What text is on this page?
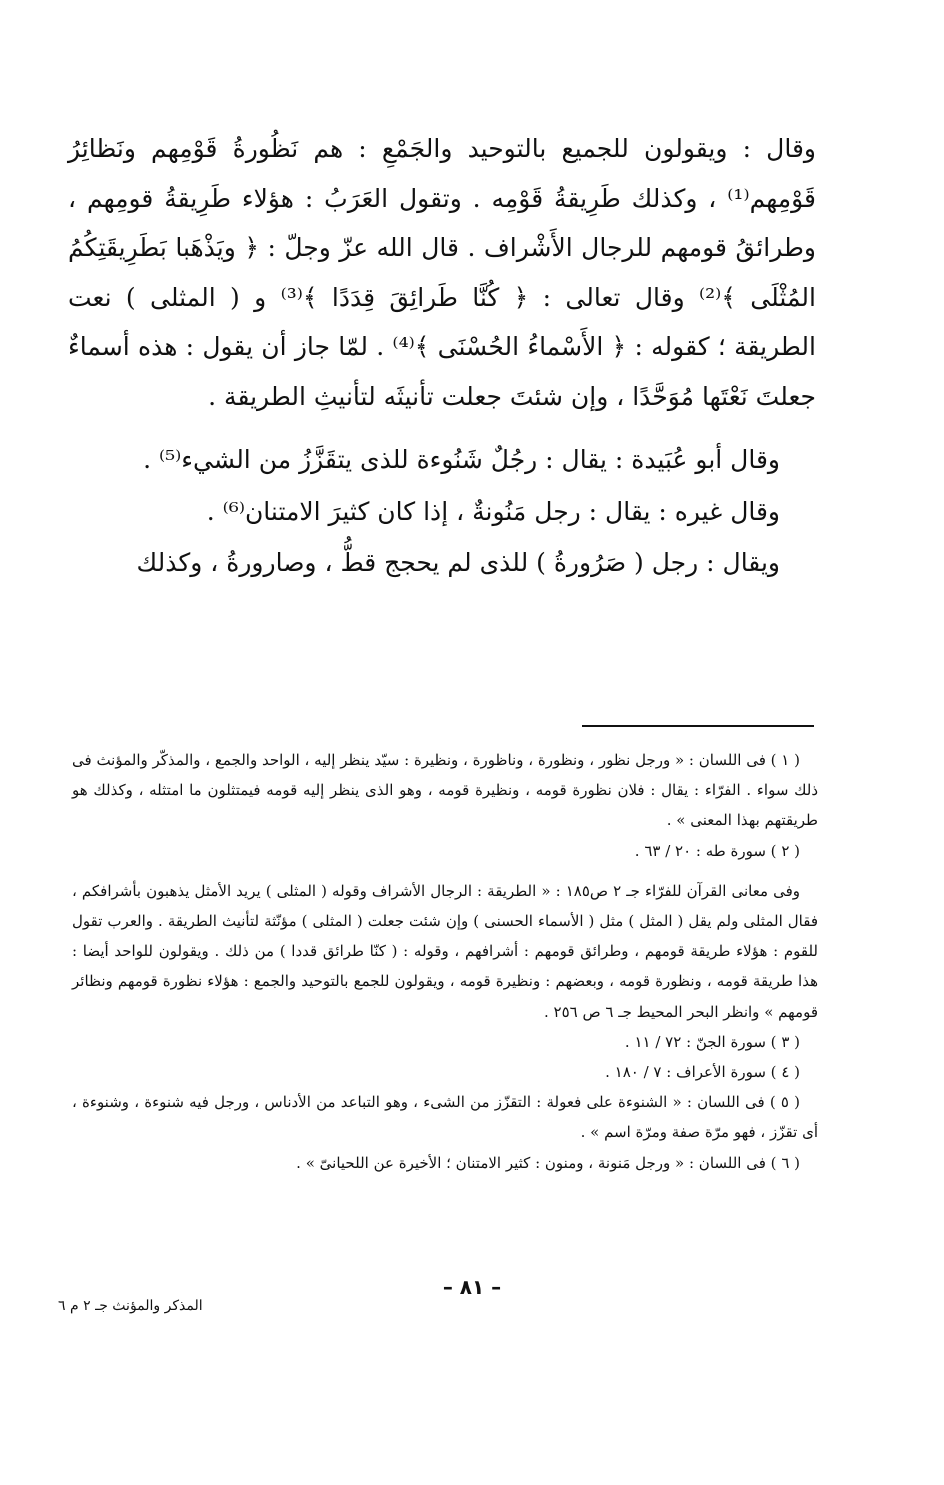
وقال : ويقولون للجميع بالتوحيد والجَمْعِ : هم نَظُورةُ قَوْمِهم ونَظائِرُ قَوْمِهم⁽¹⁾ ، وكذلك طَرِيقةُ قَوْمِه . وتقول العَرَبُ : هؤلاء طَرِيقةُ قومِهم ، وطرائقُ قومهم للرجال الأَشْراف . قال الله عزّ وجلّ : ﴿ ويَذْهَبا بَطَرِيقَتِكُمُ المُثْلَى ﴾⁽²⁾ وقال تعالى : ﴿ كُنَّا طَرائِقَ قِدَدًا ﴾⁽³⁾ و ( المثلى ) نعت الطريقة ؛ كقوله : ﴿ الأَسْماءُ الحُسْنَى ﴾⁽⁴⁾ . لمّا جاز أن يقول : هذه أسماءٌ جعلتَ نَعْتَها مُوَحَّدًا ، وإن شئتَ جعلت تأنيثَه لتأنيثِ الطريقة .

وقال أبو عُبَيدة : يقال : رجُلٌ شَنُوءة للذى يتقَزَّزُ من الشيء⁽⁵⁾ .

وقال غيره : يقال : رجل مَنُونةٌ ، إذا كان كثيرَ الامتنان⁽⁶⁾ .

ويقال : رجل ( صَرُورةُ ) للذى لم يحجج قطُّ ، وصارورةُ ، وكذلك

( ١ ) فى اللسان : « ورجل نظور ، ونظورة ، وناظورة ، ونظيرة : سيّد ينظر إليه ، الواحد والجمع ، والمذكّر والمؤنث فى ذلك سواء . الفرّاء : يقال : فلان نظورة قومه ، ونظيرة قومه ، وهو الذى ينظر إليه قومه فيمتثلون ما امتثله ، وكذلك هو طريقتهم بهذا المعنى » .

( ٢ ) سورة طه : ٢٠ / ٦٣ .

وفى معانى القرآن للفرّاء جـ ٢ ص١٨٥ : « الطريقة : الرجال الأشراف وقوله ( المثلى ) يريد الأمثل يذهبون بأشرافكم ، فقال المثلى ولم يقل ( المثل ) مثل ( الأسماء الحسنى ) وإن شئت جعلت ( المثلى ) مؤنّثة لتأنيث الطريقة . والعرب تقول للقوم : هؤلاء طريقة قومهم ، وطرائق قومهم : أشرافهم ، وقوله : ( كنّا طرائق قددا ) من ذلك . ويقولون للواحد أيضا : هذا طريقة قومه ، ونظورة قومه ، وبعضهم : ونظيرة قومه ، ويقولون للجمع بالتوحيد والجمع : هؤلاء نظورة قومهم ونظائر قومهم » وانظر البحر المحيط جـ ٦ ص ٢٥٦ .

( ٣ ) سورة الجنّ : ٧٢ / ١١ .

( ٤ ) سورة الأعراف : ٧ / ١٨٠ .

( ٥ ) فى اللسان : « الشنوءة على فعولة : التقزّز من الشىء ، وهو التباعد من الأدناس ، ورجل فيه شنوءة ، وشنوءة ، أى تقزّز ، فهو مرّة صفة ومرّة اسم » .

( ٦ ) فى اللسان : « ورجل مَنونة ، ومنون : كثير الامتنان ؛ الأخيرة عن اللحيانىّ » .

– ٨١ –
المذكر والمؤنث جـ ٢ م ٦
